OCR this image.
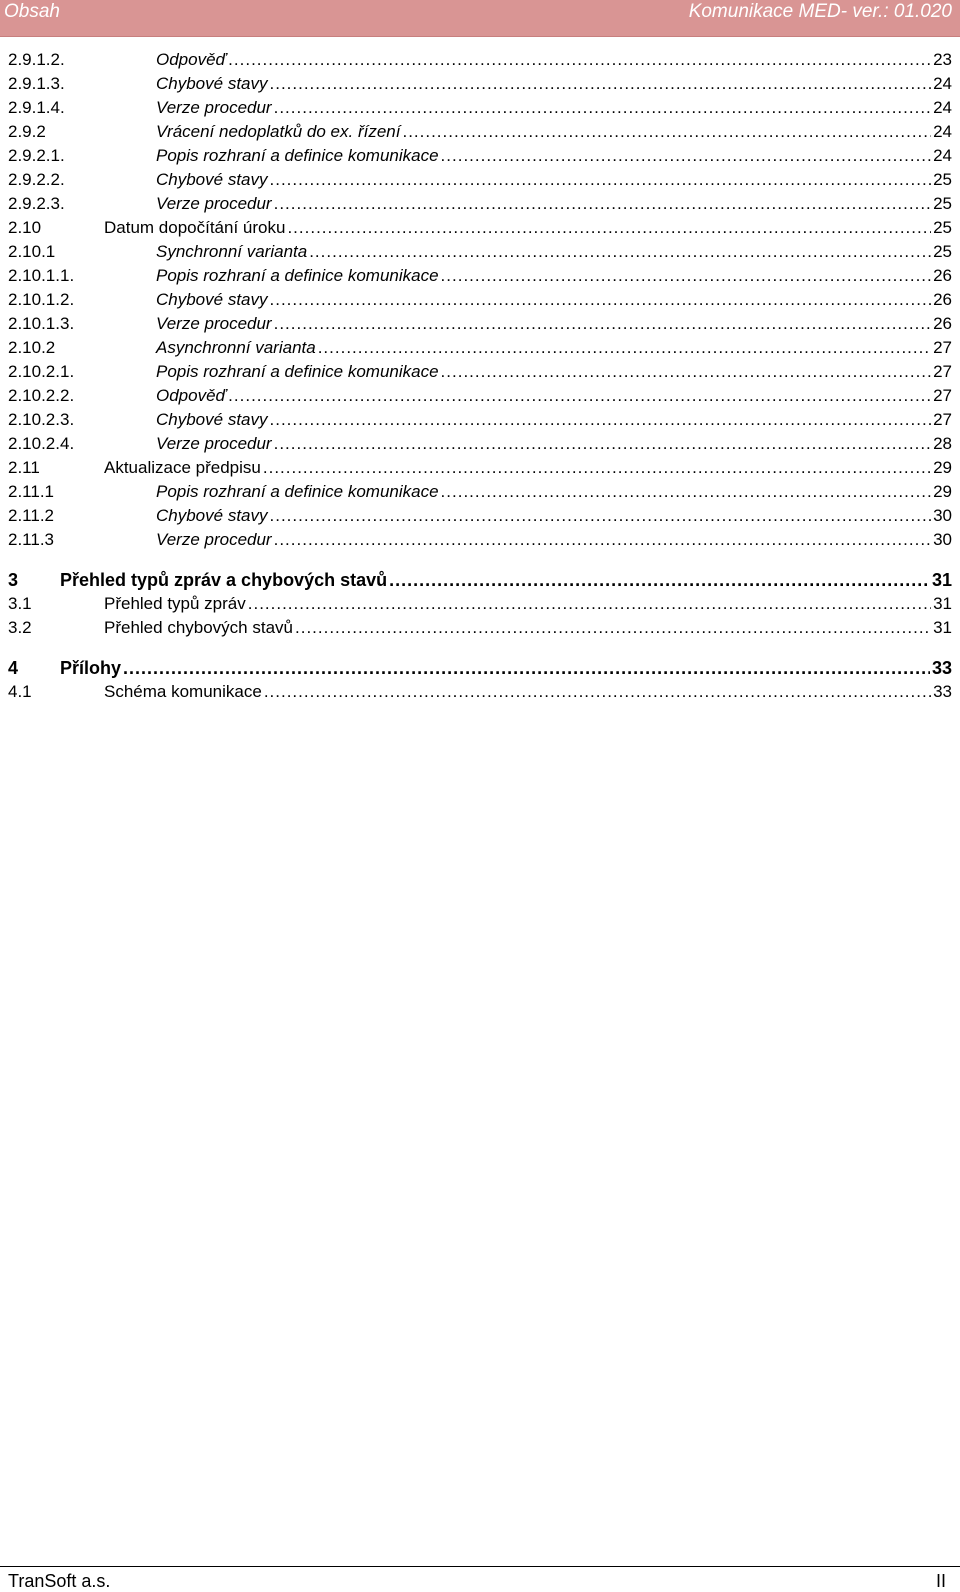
Obsah	Komunikace MED- ver.: 01.020
2.9.1.2.	Odpověď .....	23
2.9.1.3.	Chybové stavy .....	24
2.9.1.4.	Verze procedur .....	24
2.9.2	Vrácení nedoplatků do ex. řízení .....	24
2.9.2.1.	Popis rozhraní a definice komunikace .....	24
2.9.2.2.	Chybové stavy .....	25
2.9.2.3.	Verze procedur .....	25
2.10	Datum dopočítání úroku .....	25
2.10.1	Synchronní varianta .....	25
2.10.1.1.	Popis rozhraní a definice komunikace .....	26
2.10.1.2.	Chybové stavy .....	26
2.10.1.3.	Verze procedur .....	26
2.10.2	Asynchronní varianta .....	27
2.10.2.1.	Popis rozhraní a definice komunikace .....	27
2.10.2.2.	Odpověď .....	27
2.10.2.3.	Chybové stavy .....	27
2.10.2.4.	Verze procedur .....	28
2.11	Aktualizace předpisu .....	29
2.11.1	Popis rozhraní a definice komunikace .....	29
2.11.2	Chybové stavy .....	30
2.11.3	Verze procedur .....	30
3	Přehled typů zpráv a chybových stavů .....	31
3.1	Přehled typů zpráv .....	31
3.2	Přehled chybových stavů .....	31
4	Přílohy .....	33
4.1	Schéma komunikace .....	33
TranSoft a.s.	II
